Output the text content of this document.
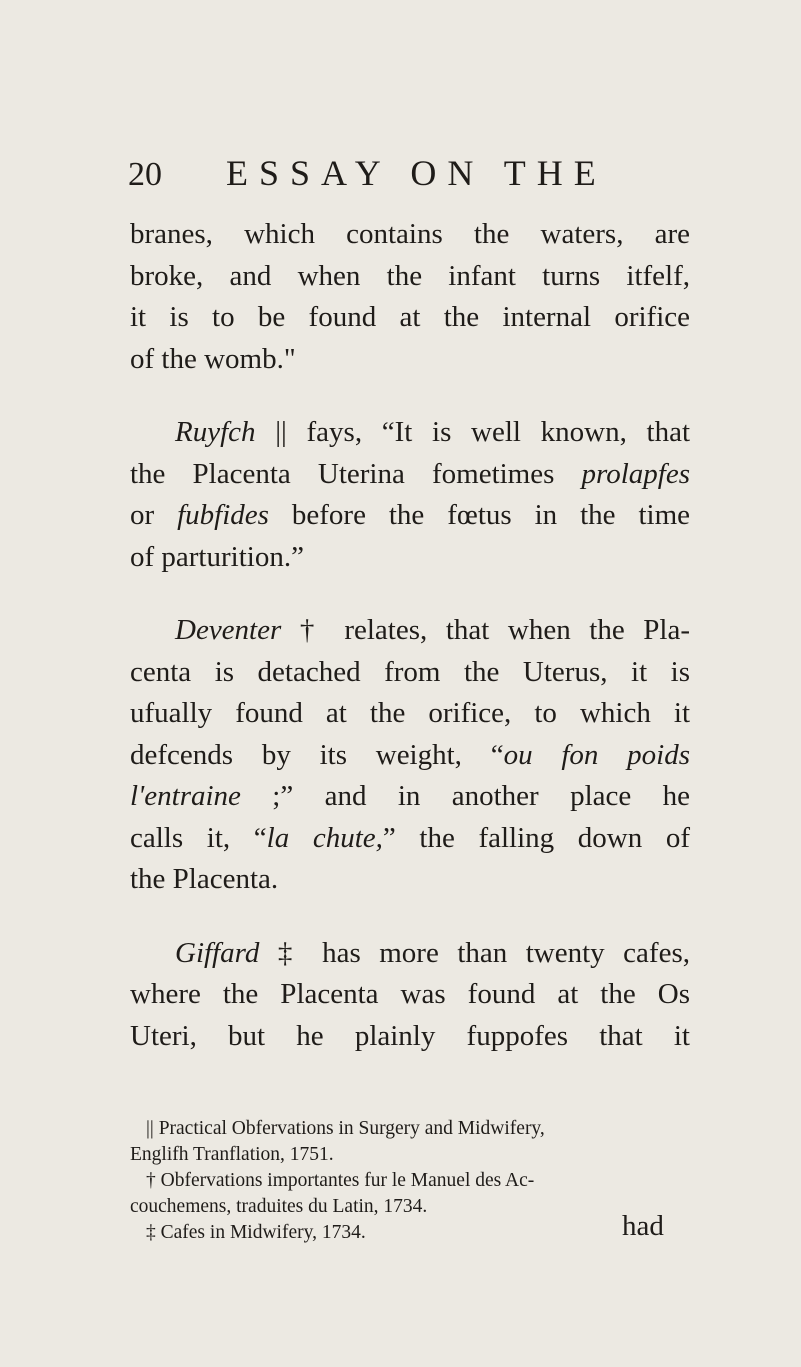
20 ESSAY ON THE
branes, which contains the waters, are
broke, and when the infant turns itfelf,
it is to be found at the internal orifice
of the womb."
Ruyfch || fays, “It is well known, that
the Placenta Uterina fometimes prolapfes
or fubfides before the fœtus in the time
of parturition.”
Deventer † relates, that when the Pla-
centa is detached from the Uterus, it is
ufually found at the orifice, to which it
defcends by its weight, “ou fon poids
l'entraine ;” and in another place he
calls it, “la chute,” the falling down of
the Placenta.
Giffard ‡ has more than twenty cafes,
where the Placenta was found at the Os
Uteri, but he plainly fuppofes that it
|| Practical Obfervations in Surgery and Midwifery,
Englifh Tranflation, 1751.
† Obfervations importantes fur le Manuel des Ac-
couchemens, traduites du Latin, 1734.
‡ Cafes in Midwifery, 1734.	had
